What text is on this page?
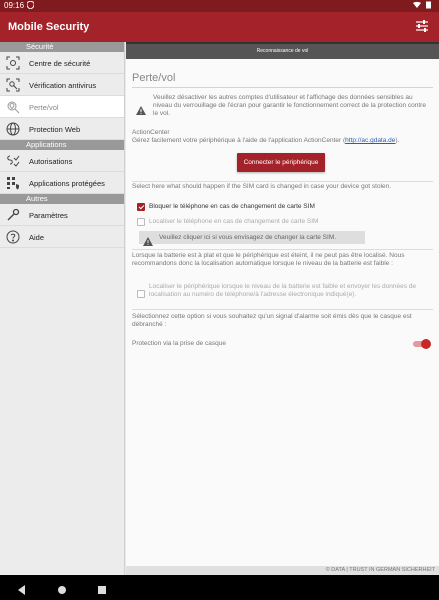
09:16
Mobile Security
Sécurité
Centre de sécurité
Vérification antivirus
Perte/vol
Protection Web
Applications
Autorisations
Applications protégées
Autres
Paramètres
Aide
Reconnaissance de vol
Perte/vol
Veuillez désactiver les autres comptes d'utilisateur et l'affichage des données sensibles au niveau du verrouillage de l'écran pour garantir le fonctionnement correct de la protection contre le vol.
ActionCenter
Gérez facilement votre périphérique à l'aide de l'application ActionCenter (http://ac.gdata.de).
Connecter le périphérique
Select here what should happen if the SIM card is changed in case your device got stolen.
Bloquer le téléphone en cas de changement de carte SIM
Localiser le téléphone en cas de changement de carte SIM
Veuillez cliquer ici si vous envisagez de changer la carte SIM.
Lorsque la batterie est à plat et que le périphérique est éteint, il ne peut pas être localisé. Nous recommandons donc la localisation automatique lorsque le niveau de la batterie est faible :
Localiser le périphérique lorsque le niveau de la batterie est faible et envoyer les données de localisation au numéro de téléphone/à l'adresse électronique indiqué(e).
Sélectionnez cette option si vous souhaitez qu'un signal d'alarme soit émis dès que le casque est débranché :
Protection via la prise de casque
© DATA | TRUST IN GERMAN SICHERHEIT
